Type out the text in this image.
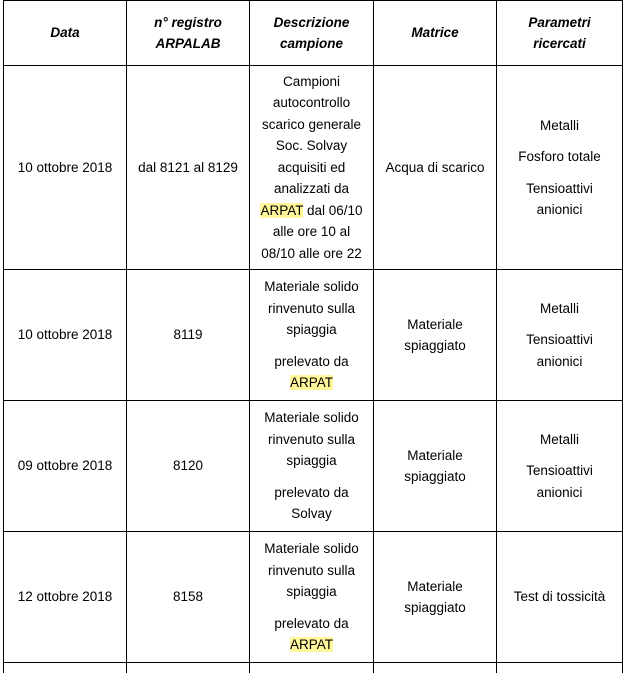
Data	n° registro ARPALAB	Descrizione campione	Matrice	Parametri ricercati
10 ottobre 2018	dal 8121 al 8129	Campioni autocontrollo scarico generale Soc. Solvay acquisiti ed analizzati da ARPAT dal 06/10 alle ore 10 al 08/10 alle ore 22	Acqua di scarico	Metalli
Fosforo totale
Tensioattivi anionici

10 ottobre 2018	8119	Materiale solido rinvenuto sulla spiaggia
prelevato da
ARPAT	Materiale spiaggiato	Metalli
Tensioattivi anionici

09 ottobre 2018	8120	Materiale solido rinvenuto sulla spiaggia
prelevato da Solvay	Materiale spiaggiato	Metalli
Tensioattivi anionici

12 ottobre 2018	8158	Materiale solido rinvenuto sulla spiaggia
prelevato da
ARPAT	Materiale spiaggiato	Test di tossicità
